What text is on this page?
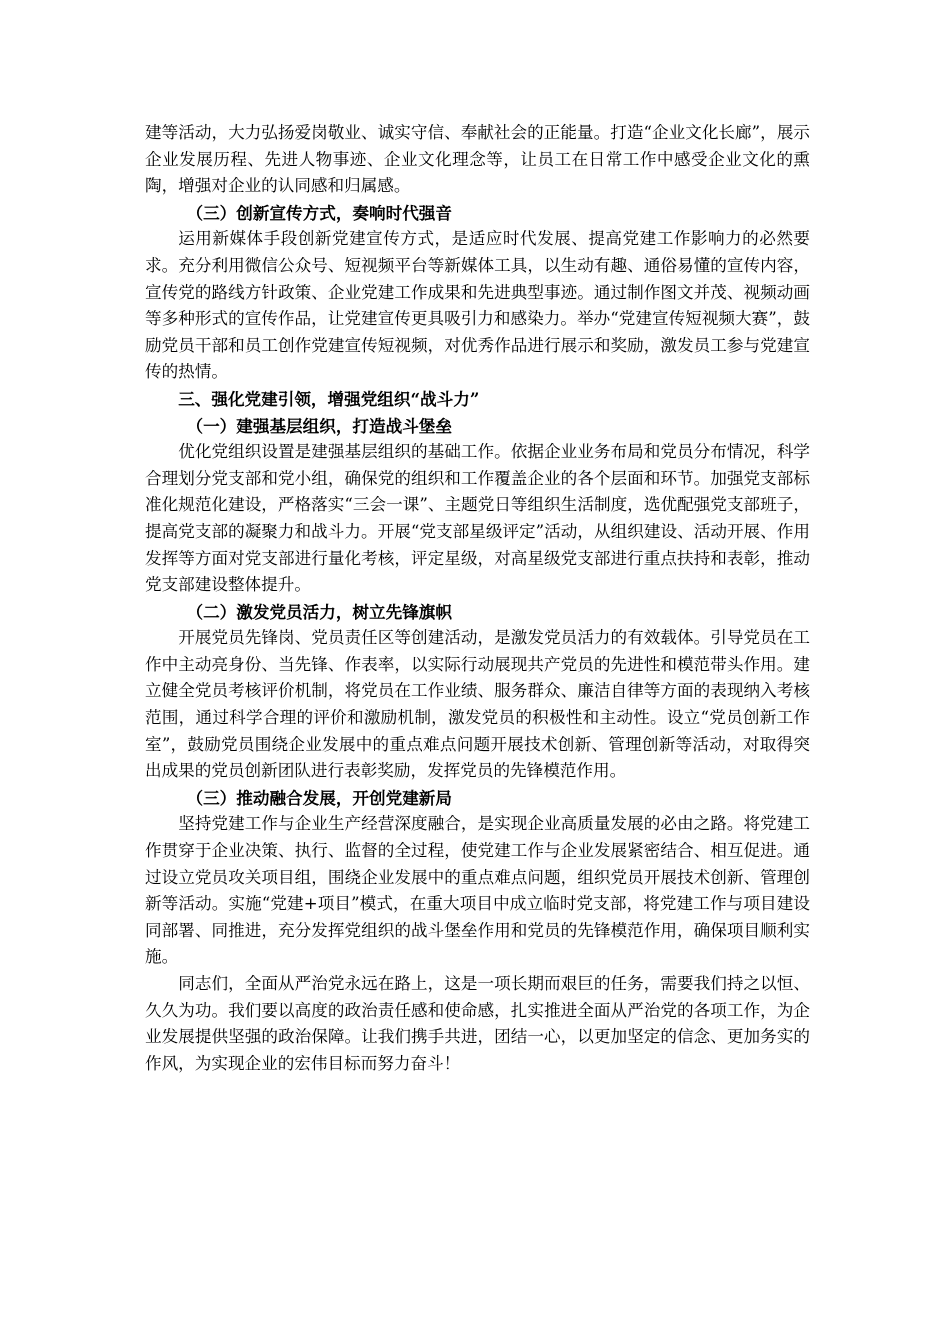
建等活动，大力弘扬爱岗敬业、诚实守信、奉献社会的正能量。打造“企业文化长廊”，展示企业发展历程、先进人物事迹、企业文化理念等，让员工在日常工作中感受企业文化的熏陶，增强对企业的认同感和归属感。

（三）创新宣传方式，奏响时代强音

运用新媒体手段创新党建宣传方式，是适应时代发展、提高党建工作影响力的必然要求。充分利用微信公众号、短视频平台等新媒体工具，以生动有趣、通俗易懂的宣传内容，宣传党的路线方针政策、企业党建工作成果和先进典型事迹。通过制作图文并茂、视频动画等多种形式的宣传作品，让党建宣传更具吸引力和感染力。举办“党建宣传短视频大赛”，鼓励党员干部和员工创作党建宣传短视频，对优秀作品进行展示和奖励，激发员工参与党建宣传的热情。

三、强化党建引领，增强党组织“战斗力”

（一）建强基层组织，打造战斗堡垒

优化党组织设置是建强基层组织的基础工作。依据企业业务布局和党员分布情况，科学合理划分党支部和党小组，确保党的组织和工作覆盖企业的各个层面和环节。加强党支部标准化规范化建设，严格落实“三会一课”、主题党日等组织生活制度，选优配强党支部班子，提高党支部的凝聚力和战斗力。开展“党支部星级评定”活动，从组织建设、活动开展、作用发挥等方面对党支部进行量化考核，评定星级，对高星级党支部进行重点扶持和表彰，推动党支部建设整体提升。

（二）激发党员活力，树立先锋旗帜

开展党员先锋岗、党员责任区等创建活动，是激发党员活力的有效载体。引导党员在工作中主动亮身份、当先锋、作表率，以实际行动展现共产党员的先进性和模范带头作用。建立健全党员考核评价机制，将党员在工作业绩、服务群众、廉洁自律等方面的表现纳入考核范围，通过科学合理的评价和激励机制，激发党员的积极性和主动性。设立“党员创新工作室”，鼓励党员围绕企业发展中的重点难点问题开展技术创新、管理创新等活动，对取得突出成果的党员创新团队进行表彰奖励，发挥党员的先锋模范作用。

（三）推动融合发展，开创党建新局

坚持党建工作与企业生产经营深度融合，是实现企业高质量发展的必由之路。将党建工作贯穿于企业决策、执行、监督的全过程，使党建工作与企业发展紧密结合、相互促进。通过设立党员攻关项目组，围绕企业发展中的重点难点问题，组织党员开展技术创新、管理创新等活动。实施“党建+项目”模式，在重大项目中成立临时党支部，将党建工作与项目建设同部署、同推进，充分发挥党组织的战斗堡垒作用和党员的先锋模范作用，确保项目顺利实施。

同志们，全面从严治党永远在路上，这是一项长期而艰巨的任务，需要我们持之以恒、久久为功。我们要以高度的政治责任感和使命感，扎实推进全面从严治党的各项工作，为企业发展提供坚强的政治保障。让我们携手共进，团结一心，以更加坚定的信念、更加务实的作风，为实现企业的宏伟目标而努力奋斗！
